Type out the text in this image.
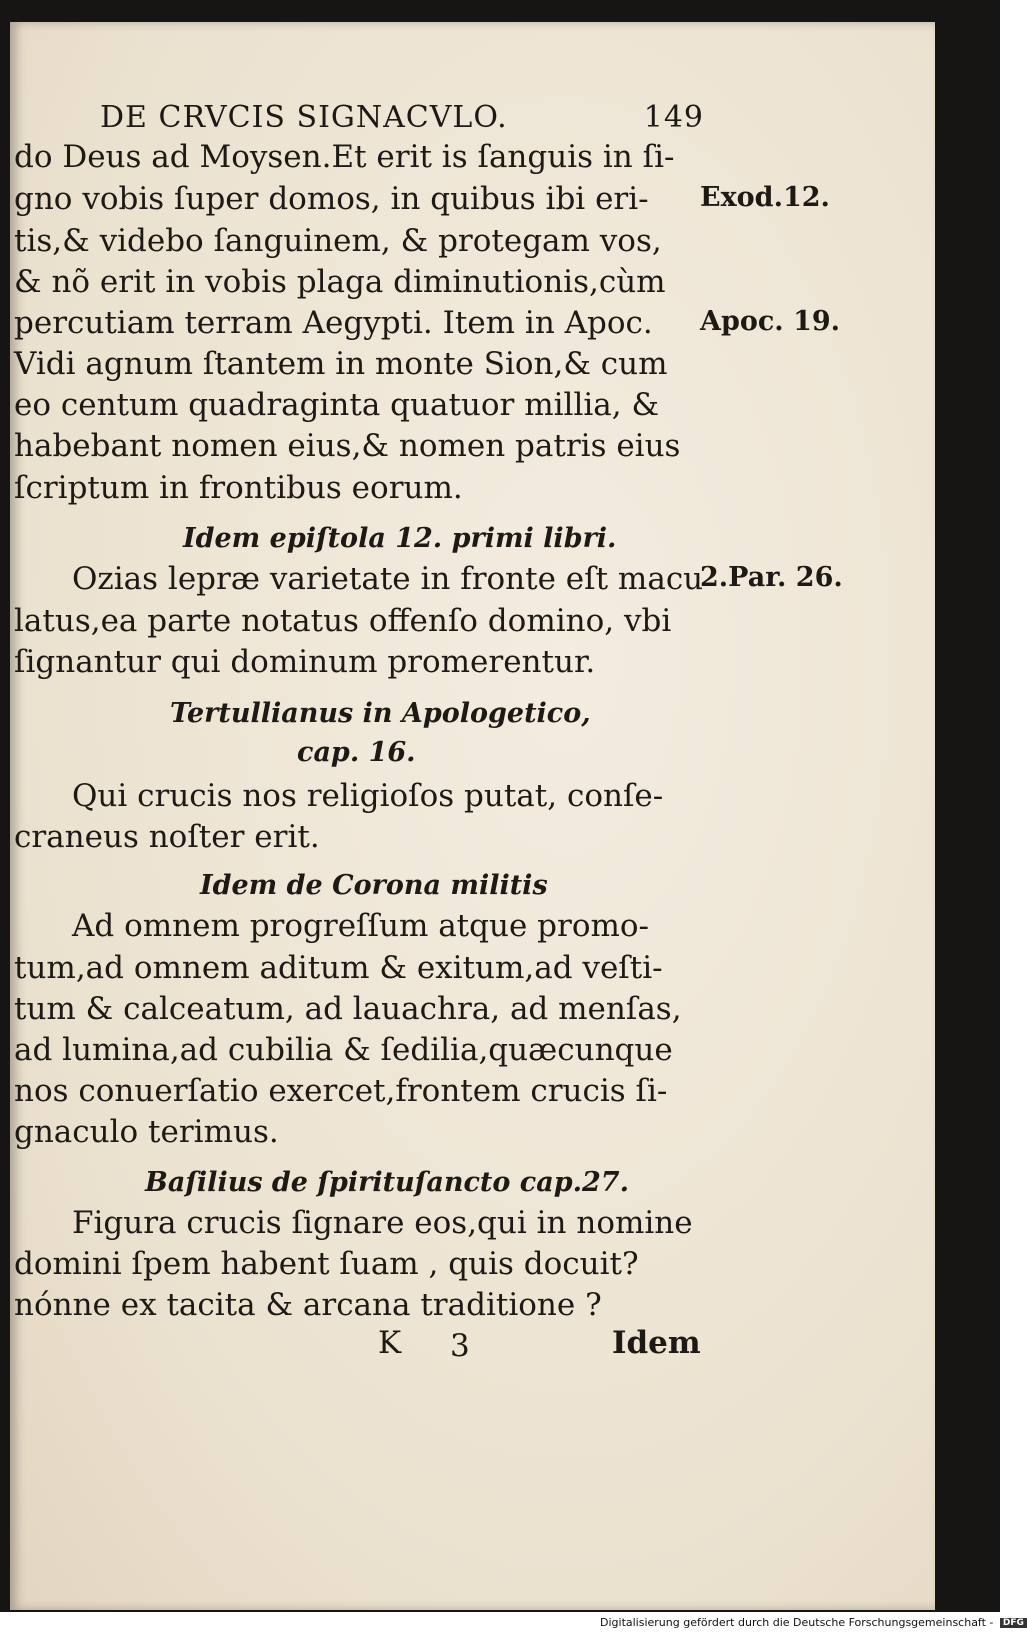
DE CRVCIS SIGNACVLO.	149
do Deus ad Moysen.Et erit is ſanguis in ſi-
gno vobis ſuper domos, in quibus ibi eri-
tis,& videbo ſanguinem, & protegam vos,
& nõ erit in vobis plaga diminutionis,cùm
percutiam terram Aegypti. Item in Apoc.
Vidi agnum ſtantem in monte Sion,& cum
eo centum quadraginta quatuor millia, &
habebant nomen eius,& nomen patris eius
ſcriptum in frontibus eorum.
Exod.12.
Apoc. 19.
Idem epiſtola 12. primi libri.
Ozias lepræ varietate in fronte eſt macu
2.Par. 26.
latus,ea parte notatus offenſo domino, vbi
ſignantur qui dominum promerentur.
Tertullianus in Apologetico,
cap. 16.
Qui crucis nos religioſos putat, conſe-
craneus noſter erit.
Idem de Corona militis
Ad omnem progreſſum atque promo-
tum,ad omnem aditum & exitum,ad veſti-
tum & calceatum, ad lauachra, ad menſas,
ad lumina,ad cubilia & ſedilia,quæcunque
nos conuerſatio exercet,frontem crucis ſi-
gnaculo terimus.
Baſilius de ſpirituſancto cap.27.
Figura crucis ſignare eos,qui in nomine
domini ſpem habent ſuam , quis docuit?
nónne ex tacita & arcana traditione ?
K 3	Idem
Digitalisierung gefördert durch die Deutsche Forschungsgemeinschaft - DFG
